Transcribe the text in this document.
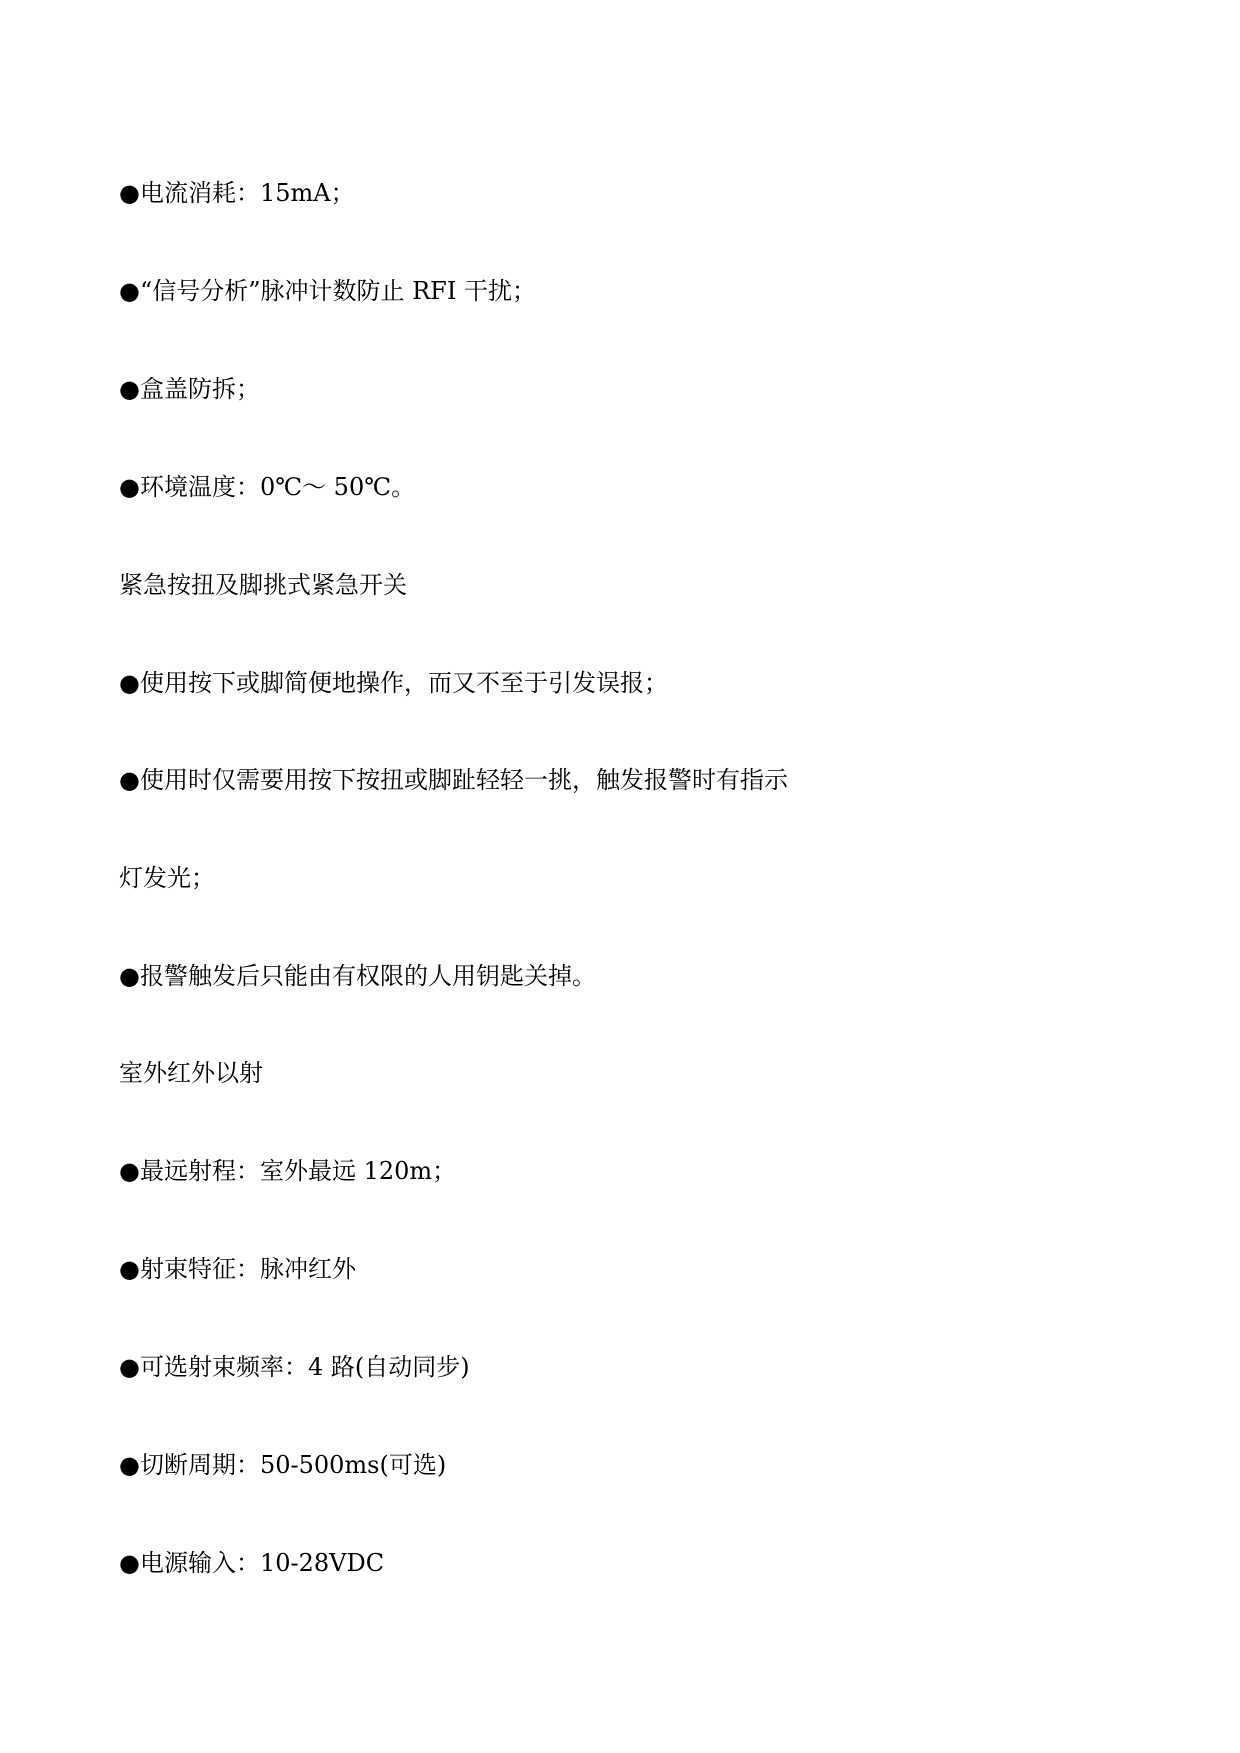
●电流消耗：15mA；
●“信号分析”脉冲计数防止 RFI 干扰；
●盒盖防拆；
●环境温度：0℃～ 50℃。
紧急按扭及脚挑式紧急开关
●使用按下或脚简便地操作，而又不至于引发误报；
●使用时仅需要用按下按扭或脚趾轻轻一挑，触发报警时有指示
灯发光；
●报警触发后只能由有权限的人用钥匙关掉。
室外红外以射
●最远射程：室外最远 120m；
●射束特征：脉冲红外
●可选射束频率：4 路(自动同步)
●切断周期：50-500ms(可选)
●电源输入：10-28VDC
